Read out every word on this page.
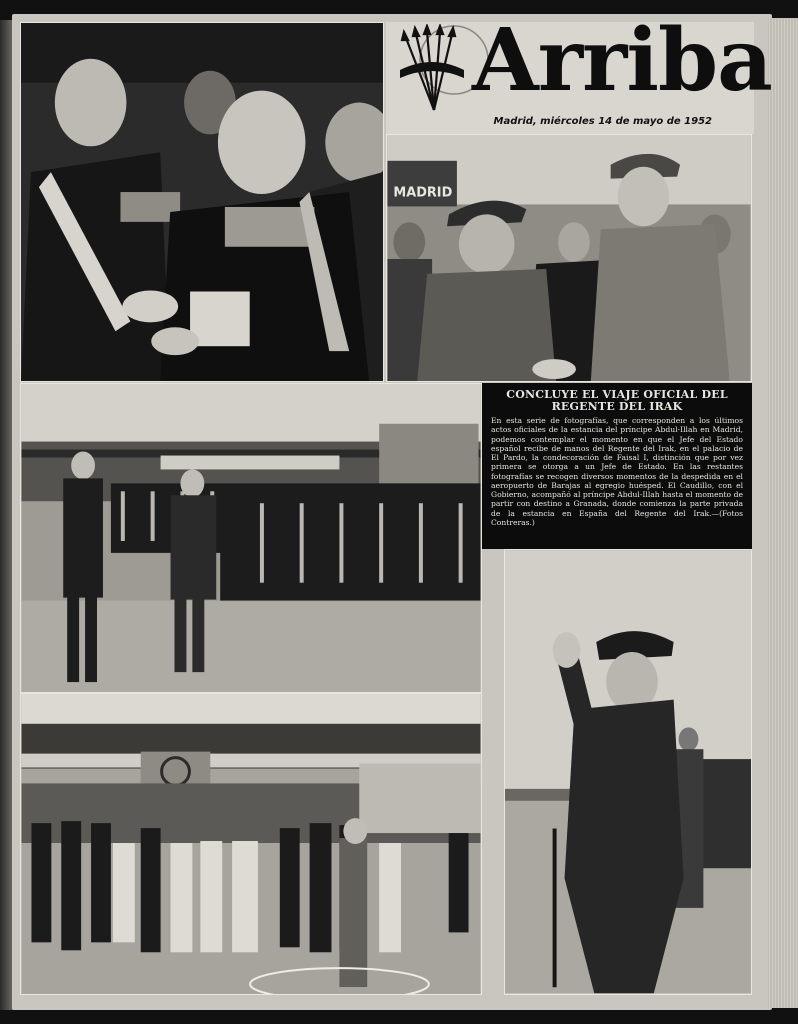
Arriba
Madrid, miércoles 14 de mayo de 1952
MADRID
CONCLUYE EL VIAJE OFICIAL DEL REGENTE DEL IRAK

En esta serie de fotografías, que corresponden a los últimos actos oficiales de la estancia del príncipe Abdul-Illah en Madrid, podemos contemplar el momento en que el Jefe del Estado español recibe de manos del Regente del Irak, en el palacio de El Pardo, la condecoración de Faisal I, distinción que por vez primera se otorga a un Jefe de Estado. En las restantes fotografías se recogen diversos momentos de la despedida en el aeropuerto de Barajas al egregio huésped. El Caudillo, con el Gobierno, acompañó al príncipe Abdul-Illah hasta el momento de partir con destino a Granada, donde comienza la parte privada de la estancia en España del Regente del Irak.—(Fotos Contreras.)
